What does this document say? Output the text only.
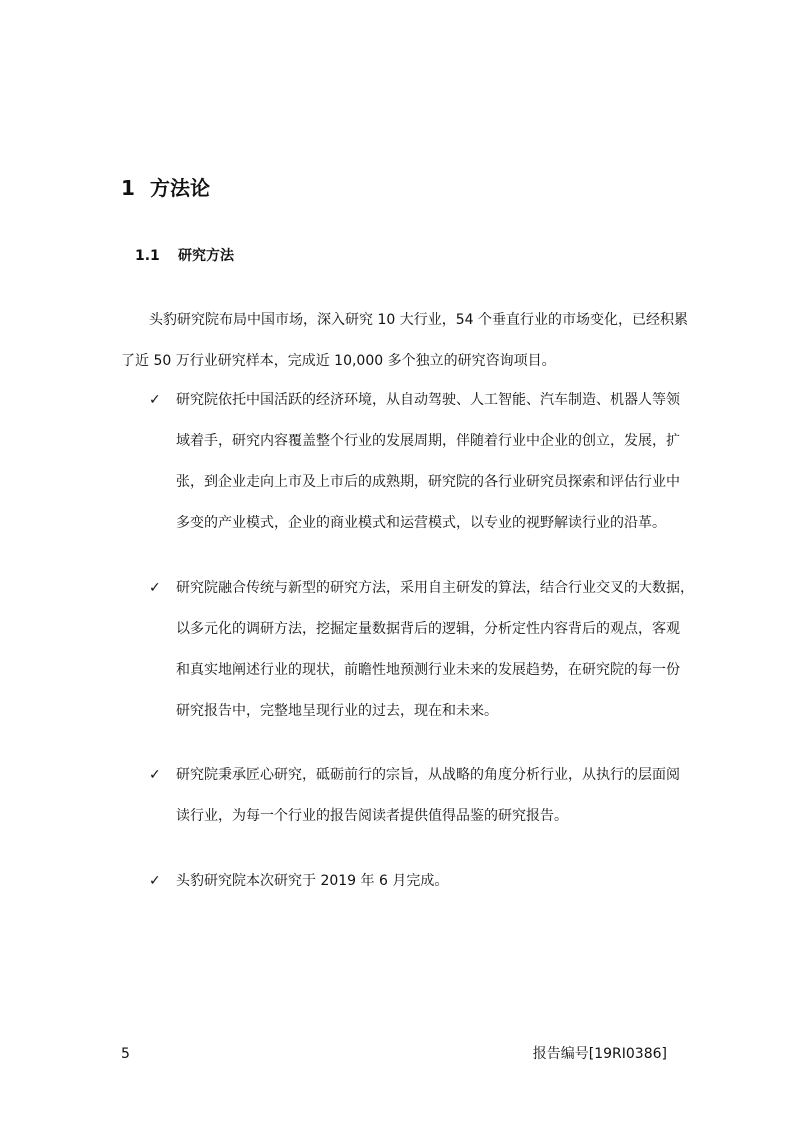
1 方法论
1.1 研究方法

头豹研究院布局中国市场，深入研究 10 大行业，54 个垂直行业的市场变化，已经积累
了近 50 万行业研究样本，完成近 10,000 多个独立的研究咨询项目。

✓	研究院依托中国活跃的经济环境，从自动驾驶、人工智能、汽车制造、机器人等领
域着手，研究内容覆盖整个行业的发展周期，伴随着行业中企业的创立，发展，扩
张，到企业走向上市及上市后的成熟期，研究院的各行业研究员探索和评估行业中
多变的产业模式，企业的商业模式和运营模式，以专业的视野解读行业的沿革。
✓	研究院融合传统与新型的研究方法，采用自主研发的算法，结合行业交叉的大数据，
以多元化的调研方法，挖掘定量数据背后的逻辑，分析定性内容背后的观点，客观
和真实地阐述行业的现状，前瞻性地预测行业未来的发展趋势，在研究院的每一份
研究报告中，完整地呈现行业的过去，现在和未来。
✓	研究院秉承匠心研究，砥砺前行的宗旨，从战略的角度分析行业，从执行的层面阅
读行业，为每一个行业的报告阅读者提供值得品鉴的研究报告。
✓	头豹研究院本次研究于 2019 年 6 月完成。
5	报告编号[19RI0386]
